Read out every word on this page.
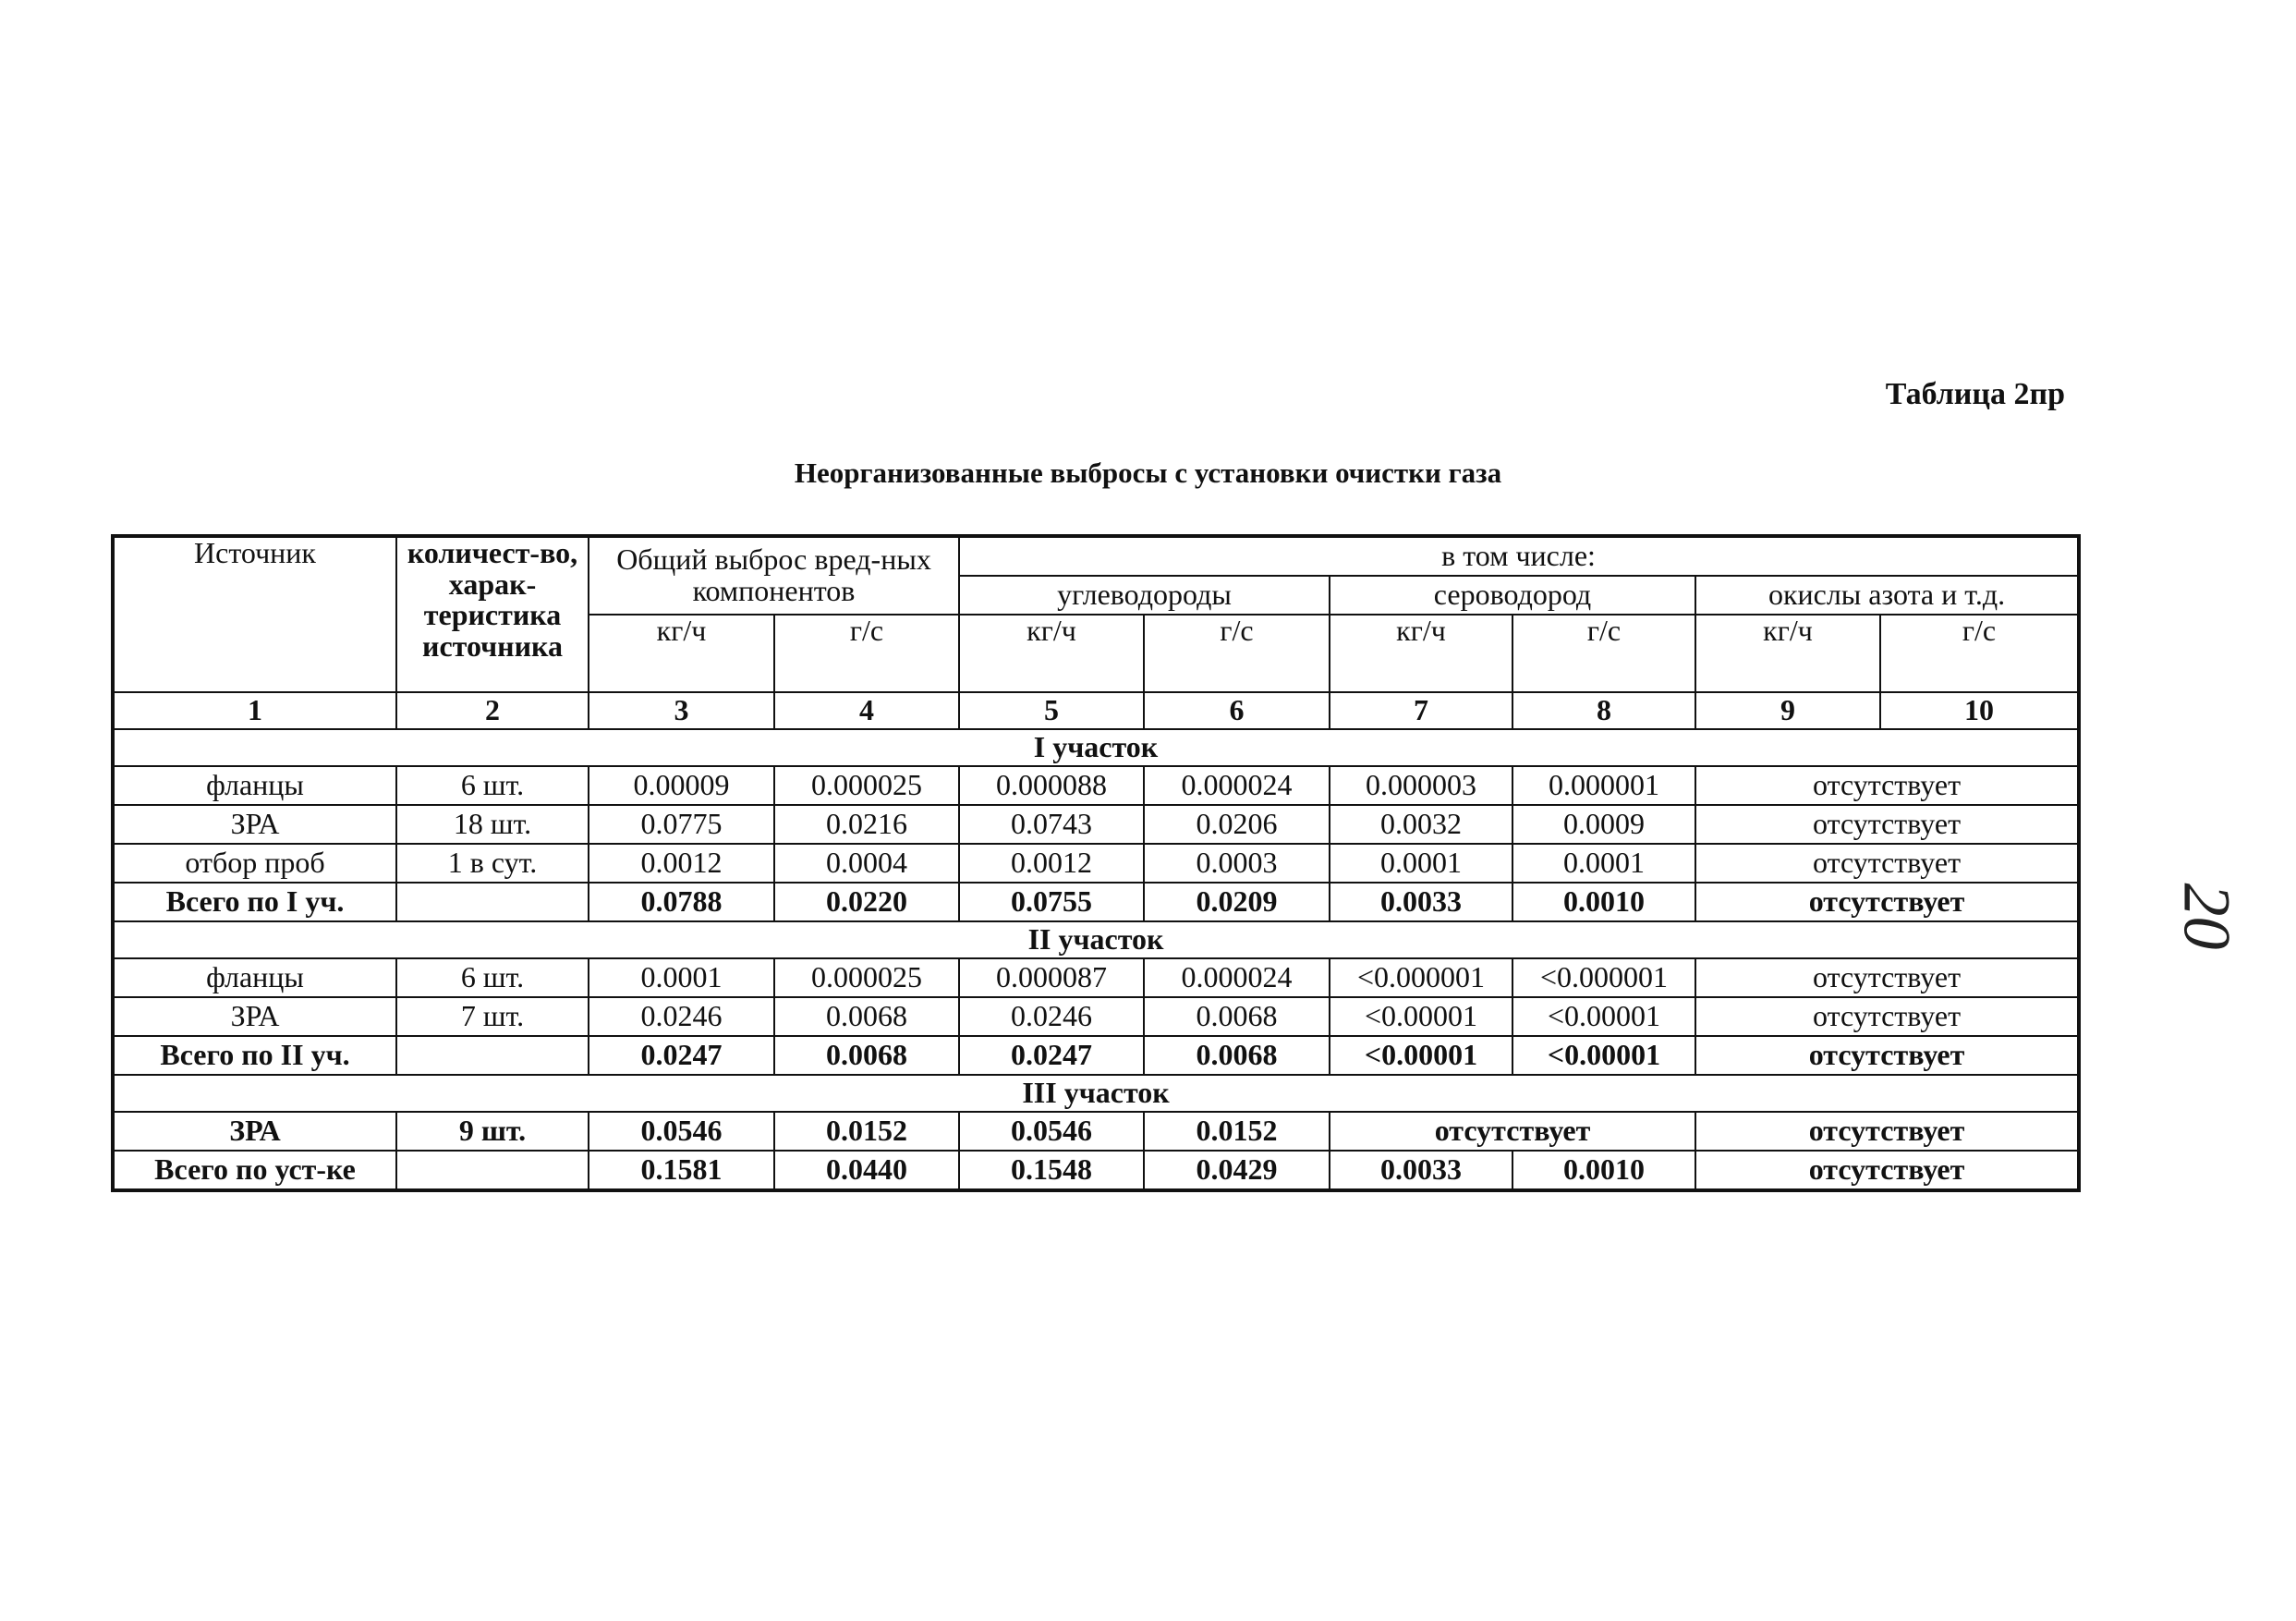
Таблица 2пр
Неорганизованные выбросы с установки очистки газа
20
Источник	количест-во, харак-теристика источника	Общий выброс вред-ных компонентов		в том числе:					
				углеводороды		сероводород		окислы азота и т.д.	
		кг/ч	г/с	кг/ч	г/с	кг/ч	г/с	кг/ч	г/с
1	2	3	4	5	6	7	8	9	10
I участок									
фланцы	6 шт.	0.00009	0.000025	0.000088	0.000024	0.000003	0.000001	отсутствует	
ЗРА	18 шт.	0.0775	0.0216	0.0743	0.0206	0.0032	0.0009	отсутствует	
отбор проб	1 в сут.	0.0012	0.0004	0.0012	0.0003	0.0001	0.0001	отсутствует	
Всего по I уч.		0.0788	0.0220	0.0755	0.0209	0.0033	0.0010	отсутствует	
II участок									
фланцы	6 шт.	0.0001	0.000025	0.000087	0.000024	<0.000001	<0.000001	отсутствует	
ЗРА	7 шт.	0.0246	0.0068	0.0246	0.0068	<0.00001	<0.00001	отсутствует	
Всего по II уч.		0.0247	0.0068	0.0247	0.0068	<0.00001	<0.00001	отсутствует	
III участок									
ЗРА	9 шт.	0.0546	0.0152	0.0546	0.0152	отсутствует		отсутствует	
Всего по уст-ке		0.1581	0.0440	0.1548	0.0429	0.0033	0.0010	отсутствует	
